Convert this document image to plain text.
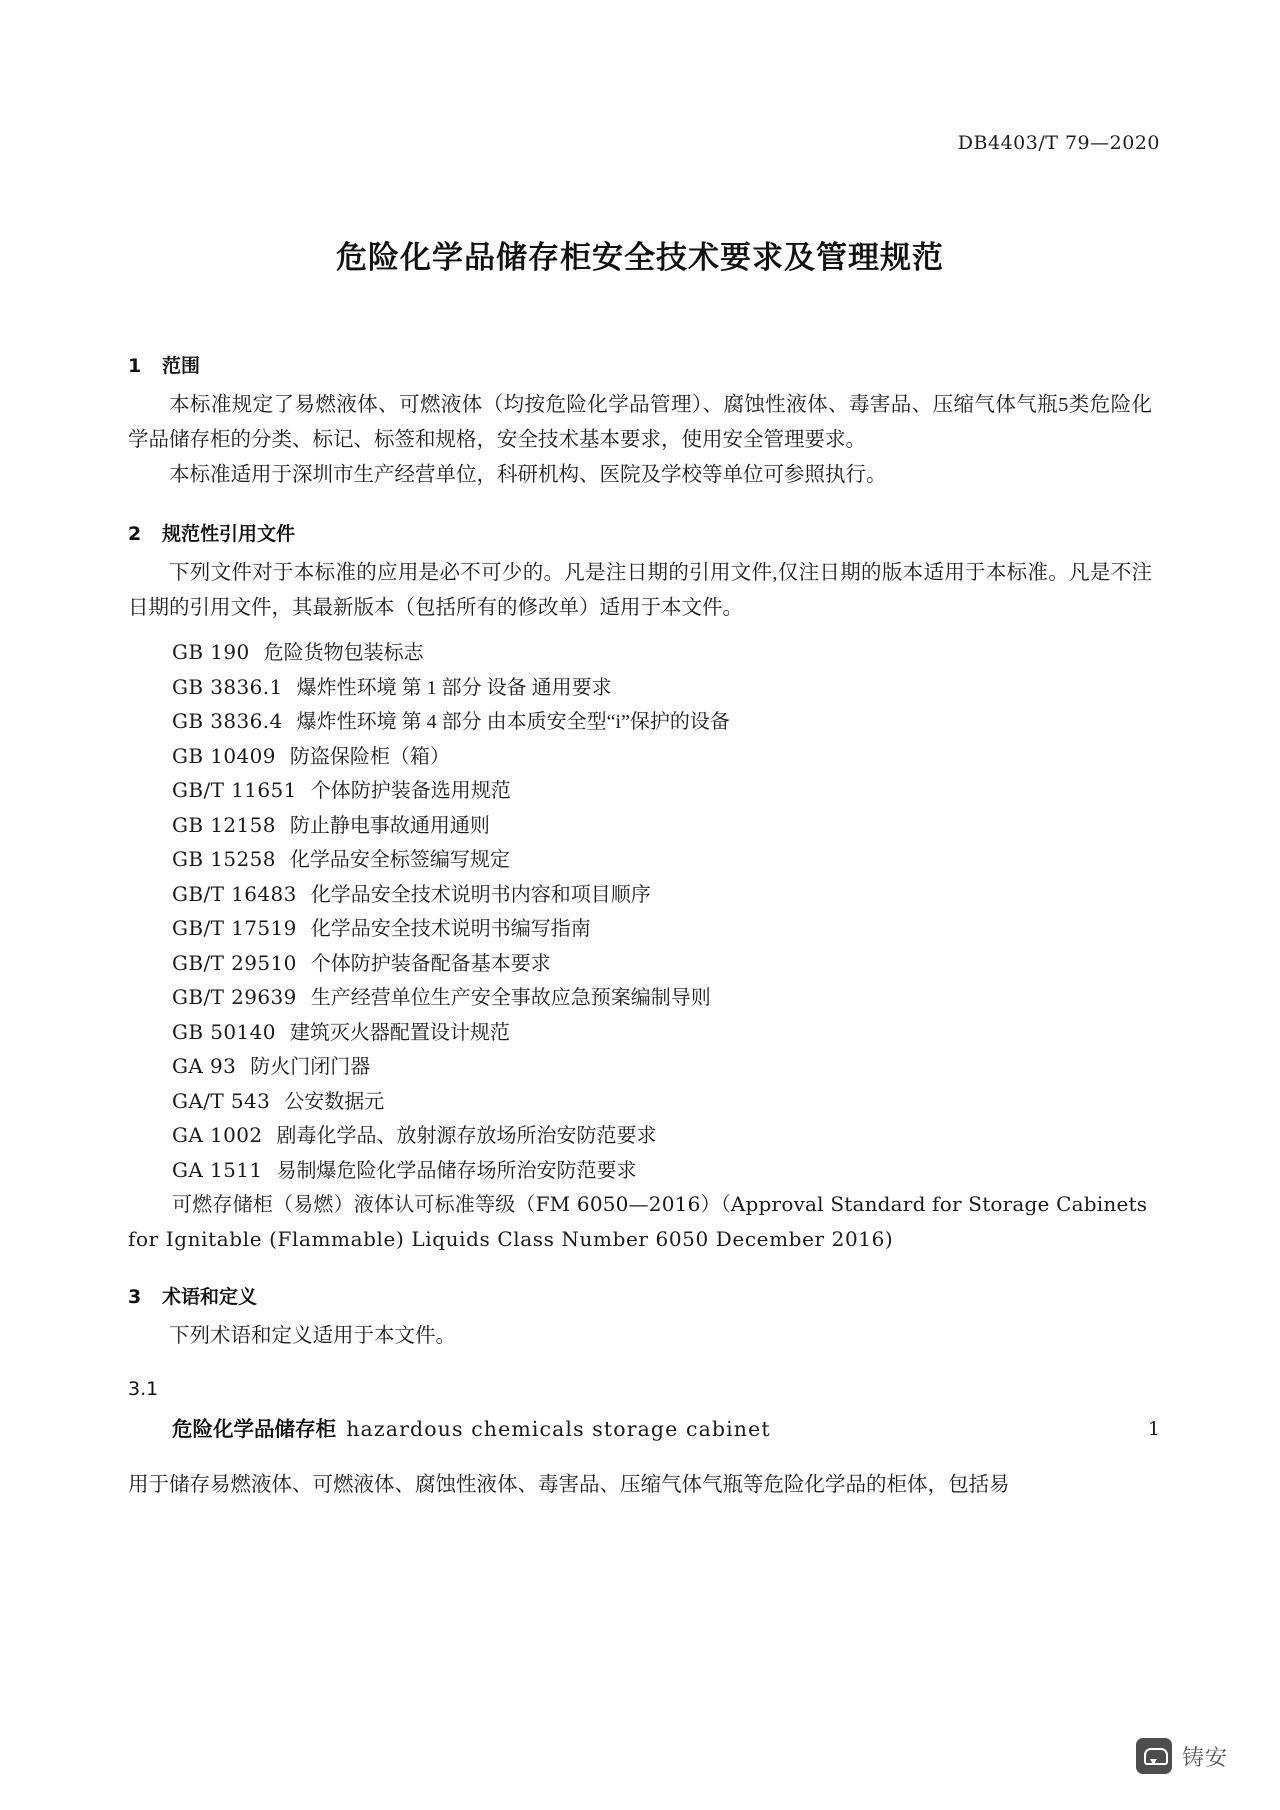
DB4403/T 79—2020
危险化学品储存柜安全技术要求及管理规范
1 范围

本标准规定了易燃液体、可燃液体（均按危险化学品管理）、腐蚀性液体、毒害品、压缩气体气瓶5类危险化学品储存柜的分类、标记、标签和规格，安全技术基本要求，使用安全管理要求。

本标准适用于深圳市生产经营单位，科研机构、医院及学校等单位可参照执行。

2 规范性引用文件

下列文件对于本标准的应用是必不可少的。凡是注日期的引用文件,仅注日期的版本适用于本标准。凡是不注日期的引用文件，其最新版本（包括所有的修改单）适用于本文件。

GB 190 危险货物包装标志
GB 3836.1 爆炸性环境 第 1 部分 设备 通用要求
GB 3836.4 爆炸性环境 第 4 部分 由本质安全型“i”保护的设备
GB 10409 防盗保险柜（箱）
GB/T 11651 个体防护装备选用规范
GB 12158 防止静电事故通用通则
GB 15258 化学品安全标签编写规定
GB/T 16483 化学品安全技术说明书内容和项目顺序
GB/T 17519 化学品安全技术说明书编写指南
GB/T 29510 个体防护装备配备基本要求
GB/T 29639 生产经营单位生产安全事故应急预案编制导则
GB 50140 建筑灭火器配置设计规范
GA 93 防火门闭门器
GA/T 543 公安数据元
GA 1002 剧毒化学品、放射源存放场所治安防范要求
GA 1511 易制爆危险化学品储存场所治安防范要求
可燃存储柜（易燃）液体认可标准等级（FM 6050—2016）（Approval Standard for Storage Cabinets
for Ignitable (Flammable) Liquids Class Number 6050 December 2016)
3 术语和定义

下列术语和定义适用于本文件。

3.1
危险化学品储存柜 hazardous chemicals storage cabinet

用于储存易燃液体、可燃液体、腐蚀性液体、毒害品、压缩气体气瓶等危险化学品的柜体，包括易

1
铸安
